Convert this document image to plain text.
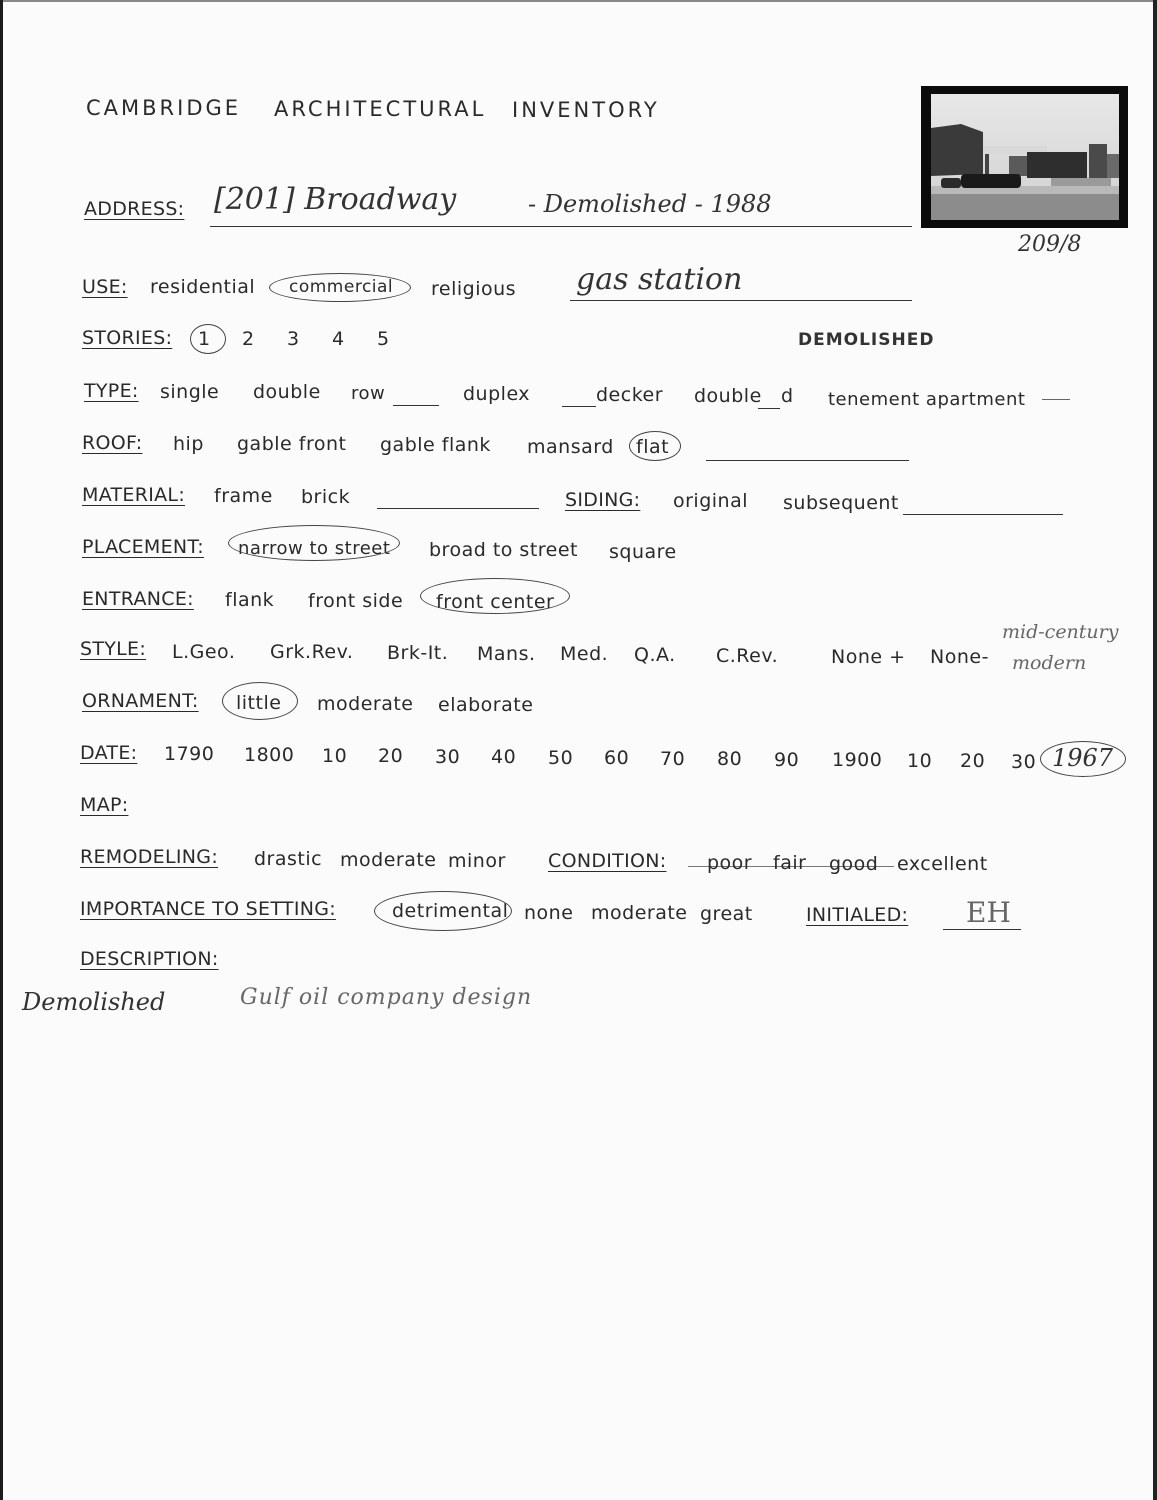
CAMBRIDGE ARCHITECTURAL INVENTORY
209/8
ADDRESS: [201] Broadway	- Demolished - 1988
USE: residential commercial religious gas station
STORIES: 1 2 3 4 5	DEMOLISHED
TYPE: single double row	duplex	decker double d tenement apartment
ROOF: hip gable front gable flank mansard flat
MATERIAL: frame brick	SIDING: original subsequent
PLACEMENT: narrow to street broad to street square
ENTRANCE: flank front side front center
STYLE: L.Geo. Grk.Rev. Brk-It. Mans. Med. Q.A. C.Rev.	None + None-
mid-century
modern
ORNAMENT: little moderate elaborate
DATE: 1790 1800 10 20 30 40 50 60 70 80 90 1900 10 20 30 1967
MAP:
REMODELING: drastic moderate minor CONDITION: poor fair good excellent
IMPORTANCE TO SETTING:	detrimental none moderate great	INITIALED: EH
DESCRIPTION:
Demolished	Gulf oil company design
